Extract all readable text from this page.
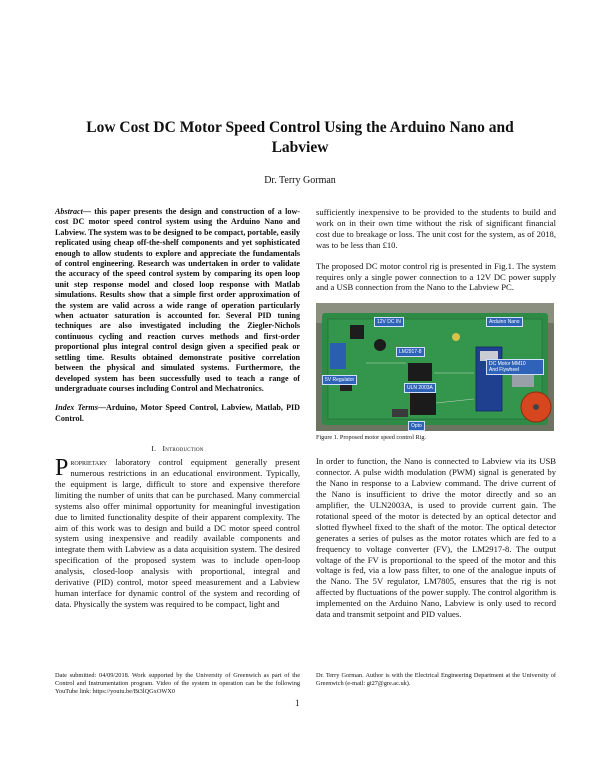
Low Cost DC Motor Speed Control Using the Arduino Nano and Labview
Dr. Terry Gorman

Abstract— this paper presents the design and construction of a low-cost DC motor speed control system using the Arduino Nano and Labview. The system was to be designed to be compact, portable, easily replicated using cheap off-the-shelf components and yet sophisticated enough to allow students to explore and appreciate the fundamentals of control engineering. Research was undertaken in order to validate the accuracy of the speed control system by comparing its open loop unit step response model and closed loop response with Matlab simulations. Results show that a simple first order approximation of the system are valid across a wide range of operation particularly when actuator saturation is accounted for. Several PID tuning techniques are also investigated including the Ziegler-Nichols continuous cycling and reaction curves methods and first-order proportional plus integral control design given a specified peak or settling time. Results obtained demonstrate positive correlation between the physical and simulated systems. Furthermore, the developed system has been successfully used to teach a range of undergraduate courses including Control and Mechatronics.

Index Terms—Arduino, Motor Speed Control, Labview, Matlab, PID Control.

I. Introduction

Proprietary laboratory control equipment generally present numerous restrictions in an educational environment. Typically, the equipment is large, difficult to store and expensive therefore limiting the number of units that can be purchased. Many commercial systems also offer minimal opportunity for meaningful investigation due to limited functionality despite of their apparent complexity. The aim of this work was to design and build a DC motor speed control system using inexpensive and readily available components and integrate them with Labview as a data acquisition system. The desired specification of the proposed system was to include open-loop analysis, closed-loop analysis with proportional, integral and derivative (PID) control, motor speed measurement and a Labview human interface for dynamic control of the system and recording of data. Physically the system was required to be compact, light and

sufficiently inexpensive to be provided to the students to build and work on in their own time without the risk of significant financial cost due to breakage or loss. The unit cost for the system, as of 2018, was to be less than £10.

The proposed DC motor control rig is presented in Fig.1. The system requires only a single power connection to a 12V DC power supply and a USB connection from the Nano to the Labview PC.

12V DC IN	Arduino Nano
LM2917-8
DC Motor MM10
And Flywheel
5V Regulator
ULN 2003A
Opto
Figure 1. Proposed motor speed control Rig.

In order to function, the Nano is connected to Labview via its USB connector. A pulse width modulation (PWM) signal is generated by the Nano in response to a Labview command. The drive current of the Nano is insufficient to drive the motor directly and so an amplifier, the ULN2003A, is used to provide current gain. The rotational speed of the motor is detected by an optical detector and slotted flywheel fixed to the shaft of the motor. The optical detector generates a series of pulses as the motor rotates which are fed to a frequency to voltage converter (FV), the LM2917-8. The output voltage of the FV is proportional to the speed of the motor and this voltage is fed, via a low pass filter, to one of the analogue inputs of the Nano. The 5V regulator, LM7805, ensures that the rig is not affected by fluctuations of the power supply. The control algorithm is implemented on the Arduino Nano, Labview is only used to record data and transmit setpoint and PID values.

Date submitted: 04/09/2018. Work supported by the University of Greenwich as part of the Control and Instrumentation program. Video of the system in operation can be the following YouTube link: https://youtu.be/Bt3lQGxOWX0
Dr. Terry Gorman. Author is with the Electrical Engineering Department at the University of Greenwich (e-mail: gt27@gre.ac.uk).
1
